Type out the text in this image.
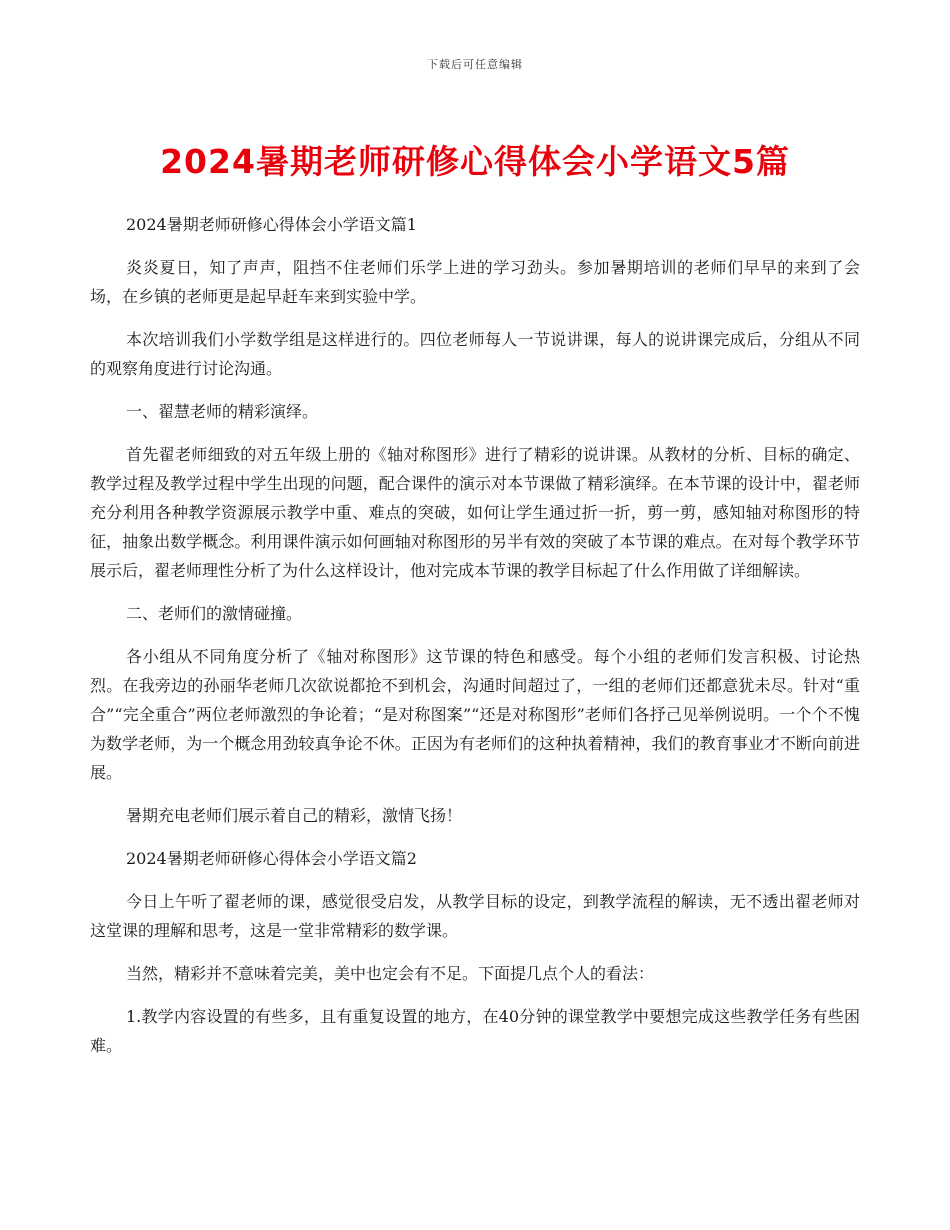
下载后可任意编辑
2024暑期老师研修心得体会小学语文5篇

2024暑期老师研修心得体会小学语文篇1

炎炎夏日，知了声声，阻挡不住老师们乐学上进的学习劲头。参加暑期培训的老师们早早的来到了会场，在乡镇的老师更是起早赶车来到实验中学。

本次培训我们小学数学组是这样进行的。四位老师每人一节说讲课，每人的说讲课完成后，分组从不同的观察角度进行讨论沟通。

一、翟慧老师的精彩演绎。

首先翟老师细致的对五年级上册的《轴对称图形》进行了精彩的说讲课。从教材的分析、目标的确定、教学过程及教学过程中学生出现的问题，配合课件的演示对本节课做了精彩演绎。在本节课的设计中，翟老师充分利用各种教学资源展示教学中重、难点的突破，如何让学生通过折一折，剪一剪，感知轴对称图形的特征，抽象出数学概念。利用课件演示如何画轴对称图形的另半有效的突破了本节课的难点。在对每个教学环节展示后，翟老师理性分析了为什么这样设计，他对完成本节课的教学目标起了什么作用做了详细解读。

二、老师们的激情碰撞。

各小组从不同角度分析了《轴对称图形》这节课的特色和感受。每个小组的老师们发言积极、讨论热烈。在我旁边的孙丽华老师几次欲说都抢不到机会，沟通时间超过了，一组的老师们还都意犹未尽。针对“重合”“完全重合”两位老师激烈的争论着；“是对称图案”“还是对称图形”老师们各抒己见举例说明。一个个不愧为数学老师，为一个概念用劲较真争论不休。正因为有老师们的这种执着精神，我们的教育事业才不断向前进展。

暑期充电老师们展示着自己的精彩，激情飞扬！

2024暑期老师研修心得体会小学语文篇2

今日上午听了翟老师的课，感觉很受启发，从教学目标的设定，到教学流程的解读，无不透出翟老师对这堂课的理解和思考，这是一堂非常精彩的数学课。

当然，精彩并不意味着完美，美中也定会有不足。下面提几点个人的看法：

1.教学内容设置的有些多，且有重复设置的地方，在40分钟的课堂教学中要想完成这些教学任务有些困难。
